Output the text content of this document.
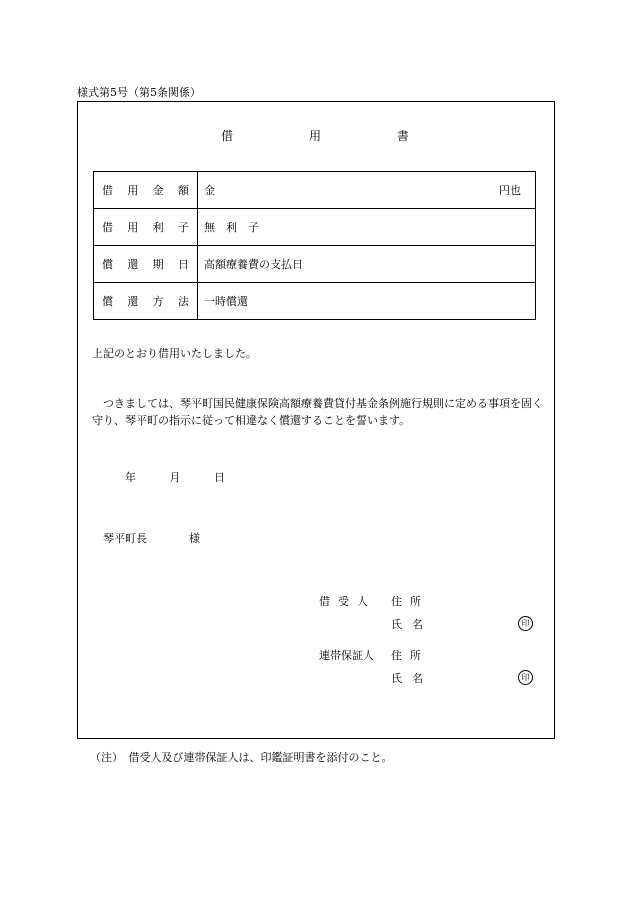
様式第5号（第5条関係）
借	用	書
借 用 金 額	金 円也

借 用 利 子	無　利　子

償 還 期 日	高額療養費の支払日

償 還 方 法	一時償還
上記のとおり借用いたしました。
　つきましては、琴平町国民健康保険高額療養費貸付基金条例施行規則に定める事項を固く守り、琴平町の指示に従って相違なく償還することを誓います。
年	月	日
琴平町長	様
借受人 住所
氏名	印
連帯保証人 住所
氏名	印
（注）　借受人及び連帯保証人は、印鑑証明書を添付のこと。
